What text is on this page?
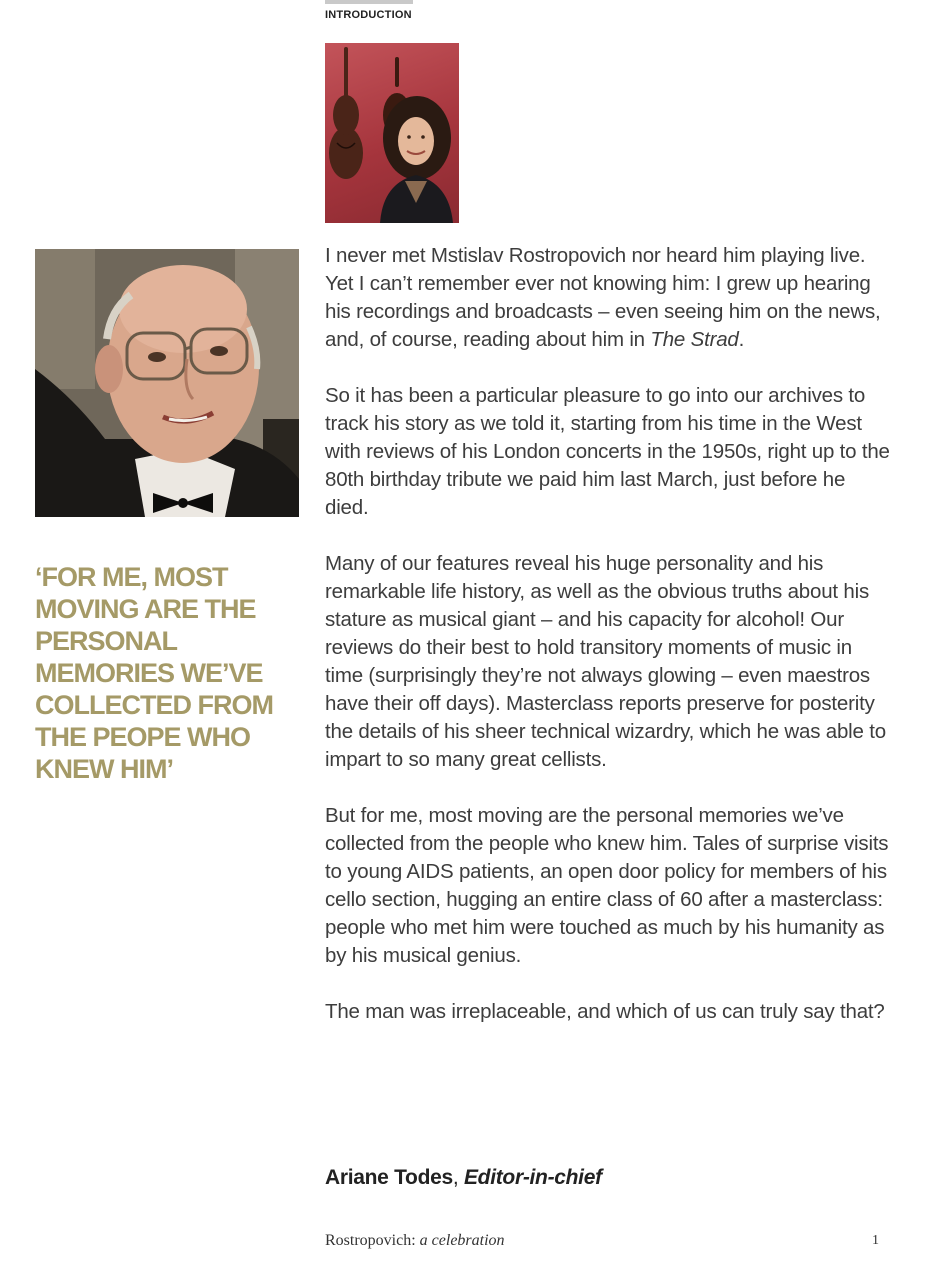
INTRODUCTION
‘FOR ME, MOST MOVING ARE THE PERSONAL MEMORIES WE’VE COLLECTED FROM THE PEOPE WHO KNEW HIM’

I never met Mstislav Rostropovich nor heard him playing live. Yet I can’t remember ever not knowing him: I grew up hearing his recordings and broadcasts – even seeing him on the news, and, of course, reading about him in The Strad.

So it has been a particular pleasure to go into our archives to track his story as we told it, starting from his time in the West with reviews of his London concerts in the 1950s, right up to the 80th birthday tribute we paid him last March, just before he died.

Many of our features reveal his huge personality and his remarkable life history, as well as the obvious truths about his stature as musical giant – and his capacity for alcohol! Our reviews do their best to hold transitory moments of music in time (surprisingly they’re not always glowing – even maestros have their off days). Masterclass reports preserve for posterity the details of his sheer technical wizardry, which he was able to impart to so many great cellists.

But for me, most moving are the personal memories we’ve collected from the people who knew him. Tales of surprise visits to young AIDS patients, an open door policy for members of his cello section, hugging an entire class of 60 after a masterclass: people who met him were touched as much by his humanity as by his musical genius.

The man was irreplaceable, and which of us can truly say that?

Ariane Todes, Editor-in-chief
Rostropovich: a celebration	1
